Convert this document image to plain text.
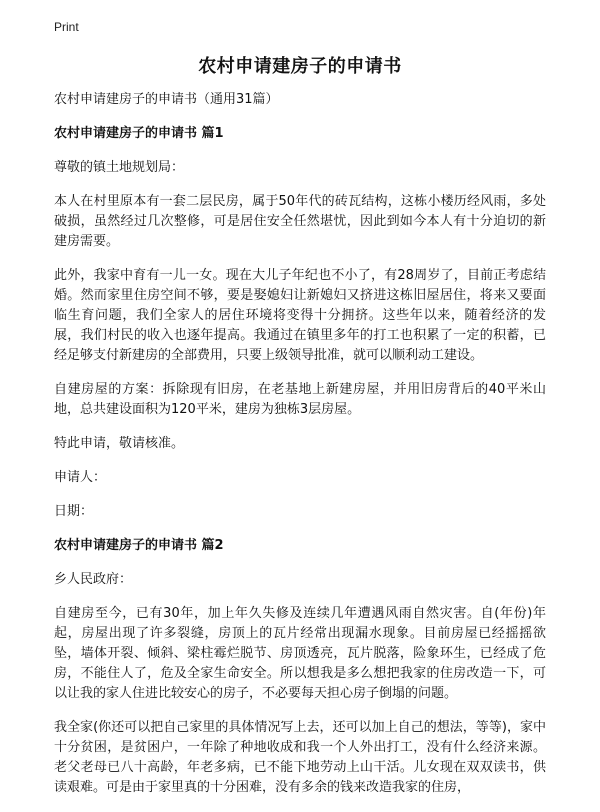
Print
农村申请建房子的申请书

农村申请建房子的申请书（通用31篇）

农村申请建房子的申请书 篇1

尊敬的镇土地规划局：

本人在村里原本有一套二层民房，属于50年代的砖瓦结构，这栋小楼历经风雨，多处破损，虽然经过几次整修，可是居住安全任然堪忧，因此到如今本人有十分迫切的新建房需要。

此外，我家中育有一儿一女。现在大儿子年纪也不小了，有28周岁了，目前正考虑结婚。然而家里住房空间不够，要是娶媳妇让新媳妇又挤进这栋旧屋居住，将来又要面临生育问题，我们全家人的居住环境将变得十分拥挤。这些年以来，随着经济的发展，我们村民的收入也逐年提高。我通过在镇里多年的打工也积累了一定的积蓄，已经足够支付新建房的全部费用，只要上级领导批准，就可以顺利动工建设。

自建房屋的方案：拆除现有旧房，在老基地上新建房屋，并用旧房背后的40平米山地，总共建设面积为120平米，建房为独栋3层房屋。

特此申请，敬请核准。

申请人：

日期：

农村申请建房子的申请书 篇2

乡人民政府：

自建房至今，已有30年，加上年久失修及连续几年遭遇风雨自然灾害。自(年份)年起，房屋出现了许多裂缝，房顶上的瓦片经常出现漏水现象。目前房屋已经摇摇欲坠，墙体开裂、倾斜、梁柱霉烂脱节、房顶透亮，瓦片脱落，险象环生，已经成了危房，不能住人了，危及全家生命安全。所以想我是多么想把我家的住房改造一下，可以让我的家人住进比较安心的房子，不必要每天担心房子倒塌的问题。

我全家(你还可以把自己家里的具体情况写上去，还可以加上自己的想法，等等)，家中十分贫困，是贫困户，一年除了种地收成和我一个人外出打工，没有什么经济来源。老父老母已八十高龄，年老多病，已不能下地劳动上山干活。儿女现在双双读书，供读艰难。可是由于家里真的十分困难，没有多余的钱来改造我家的住房，
